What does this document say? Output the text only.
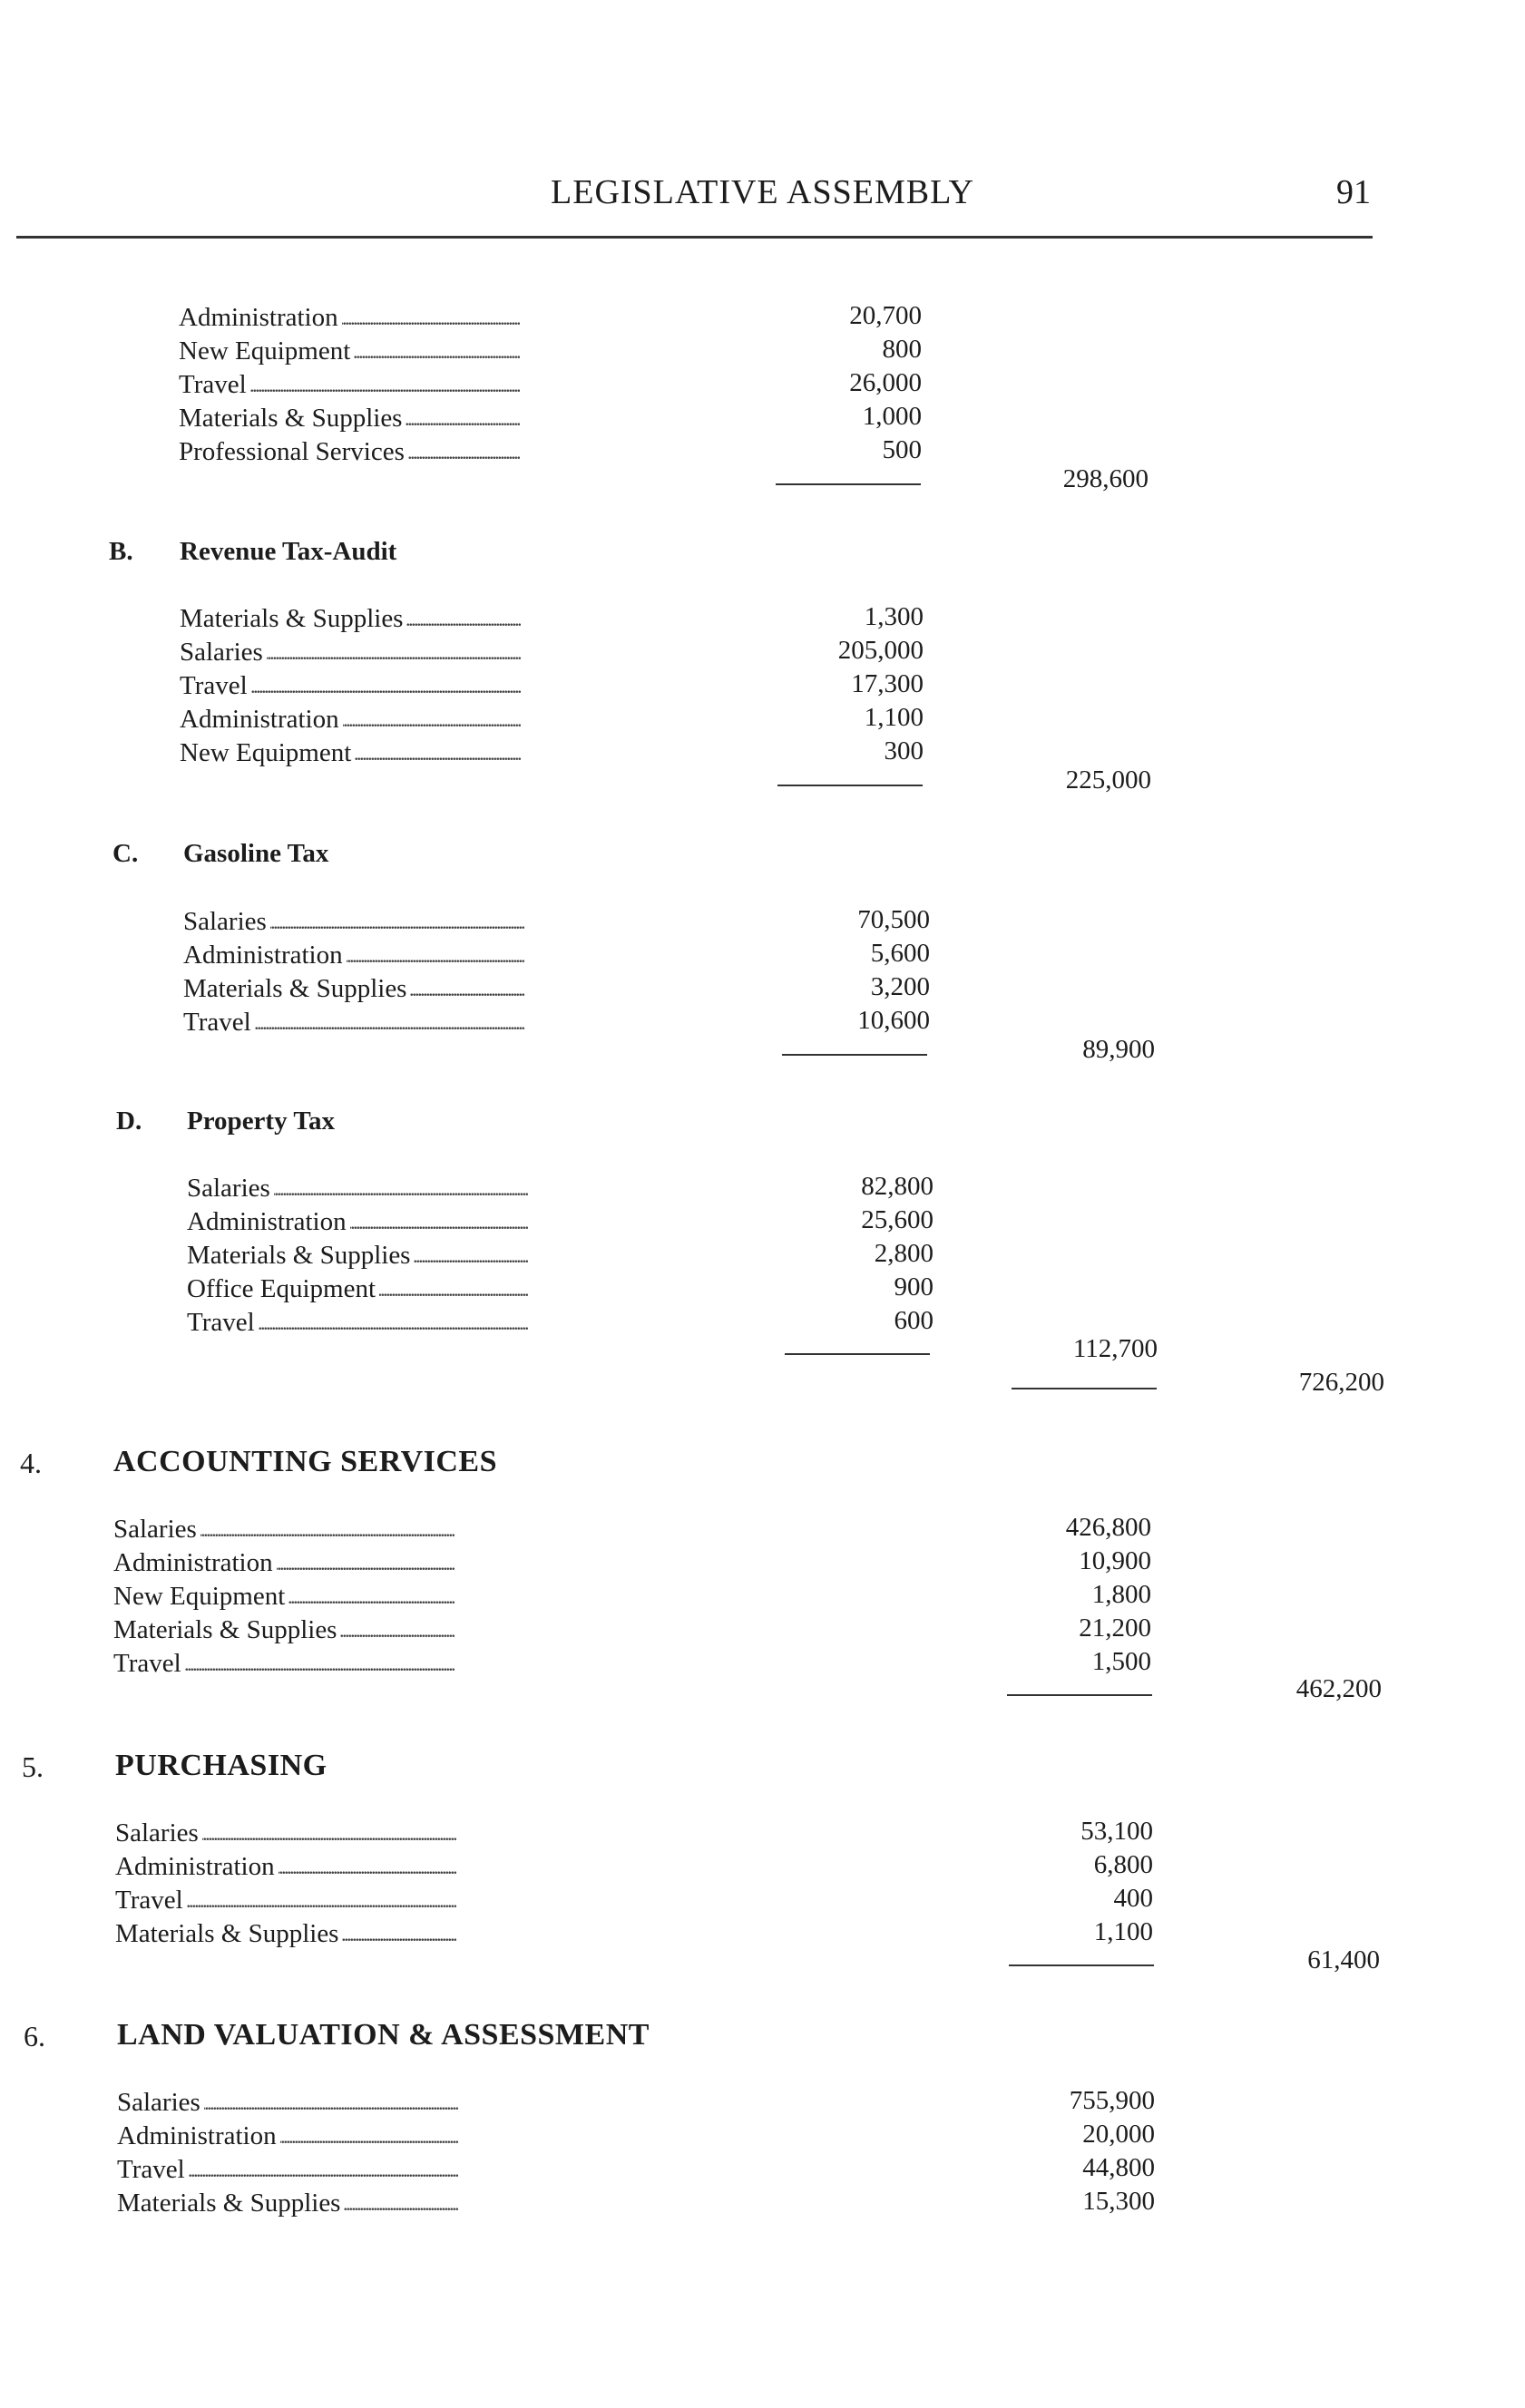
LEGISLATIVE ASSEMBLY	91
Administration . . .	20,700
New Equipment . . .	800
Travel . . .	26,000
Materials & Supplies . . .	1,000
Professional Services . . .	500
298,600
B. Revenue Tax-Audit
Materials & Supplies . . .	1,300
Salaries . . .	205,000
Travel . . .	17,300
Administration . . .	1,100
New Equipment . . .	300
225,000
C. Gasoline Tax
Salaries . . .	70,500
Administration . . .	5,600
Materials & Supplies . . .	3,200
Travel . . .	10,600
89,900
D. Property Tax
Salaries . . .	82,800
Administration . . .	25,600
Materials & Supplies . . .	2,800
Office Equipment . . .	900
Travel . . .	600
112,700
726,200
4. ACCOUNTING SERVICES
Salaries . . .	426,800
Administration . . .	10,900
New Equipment . . .	1,800
Materials & Supplies . . .	21,200
Travel . . .	1,500
462,200
5. PURCHASING
Salaries . . .	53,100
Administration . . .	6,800
Travel . . .	400
Materials & Supplies . . .	1,100
61,400
6. LAND VALUATION & ASSESSMENT
Salaries . . .	755,900
Administration . . .	20,000
Travel . . .	44,800
Materials & Supplies . . .	15,300
